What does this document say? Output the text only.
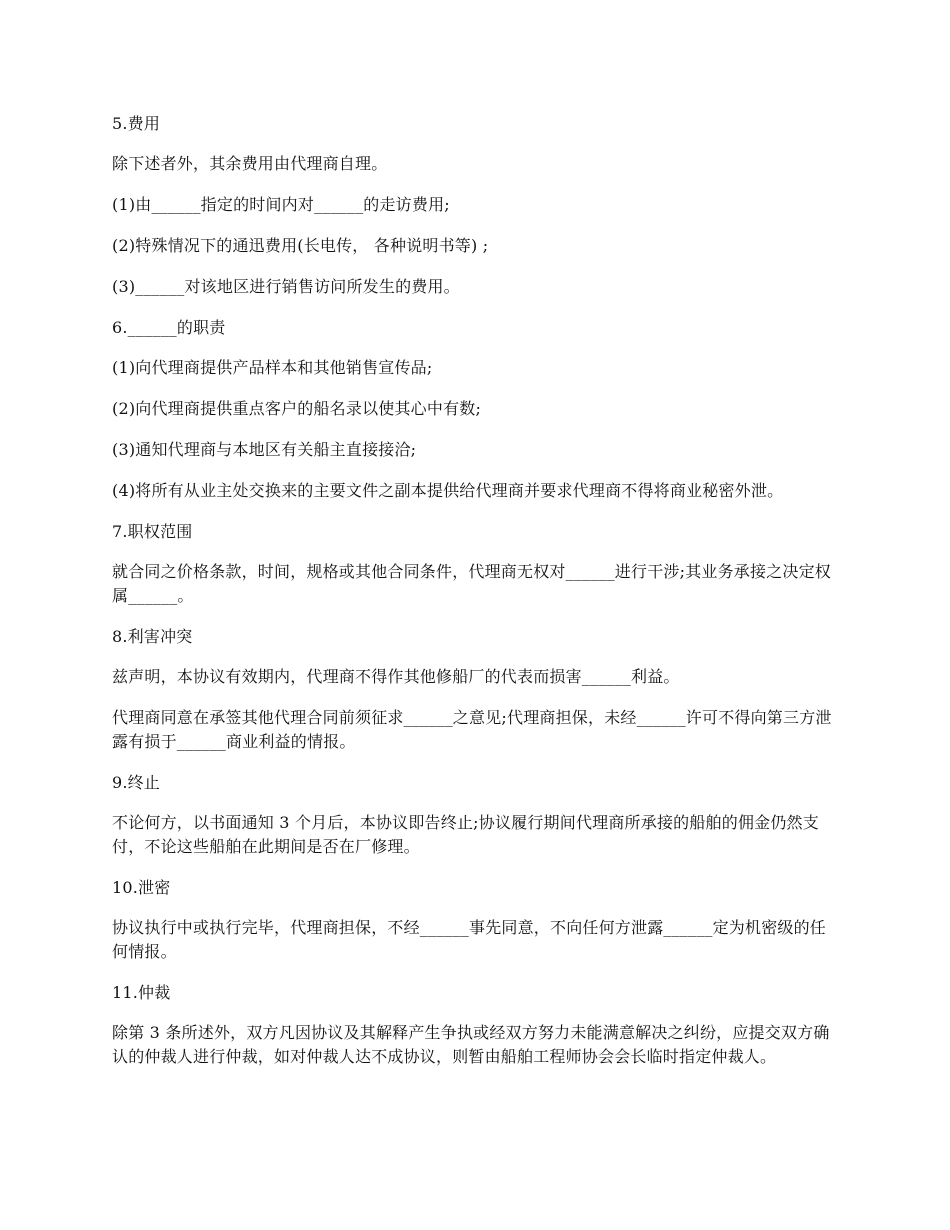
5.费用

除下述者外，其余费用由代理商自理。

(1)由______指定的时间内对______的走访费用;

(2)特殊情况下的通迅费用(长电传， 各种说明书等) ;

(3)______对该地区进行销售访问所发生的费用。

6.______的职责

(1)向代理商提供产品样本和其他销售宣传品;

(2)向代理商提供重点客户的船名录以使其心中有数;

(3)通知代理商与本地区有关船主直接接洽;

(4)将所有从业主处交换来的主要文件之副本提供给代理商并要求代理商不得将商业秘密外泄。

7.职权范围

就合同之价格条款，时间，规格或其他合同条件，代理商无权对______进行干涉;其业务承接之决定权属______。

8.利害冲突

兹声明，本协议有效期内，代理商不得作其他修船厂的代表而损害______利益。

代理商同意在承签其他代理合同前须征求______之意见;代理商担保，未经______许可不得向第三方泄露有损于______商业利益的情报。

9.终止

不论何方，以书面通知 3 个月后，本协议即告终止;协议履行期间代理商所承接的船舶的佣金仍然支付，不论这些船舶在此期间是否在厂修理。

10.泄密

协议执行中或执行完毕，代理商担保，不经______事先同意，不向任何方泄露______定为机密级的任何情报。

11.仲裁

除第 3 条所述外，双方凡因协议及其解释产生争执或经双方努力未能满意解决之纠纷，应提交双方确认的仲裁人进行仲裁，如对仲裁人达不成协议，则暂由船舶工程师协会会长临时指定仲裁人。
